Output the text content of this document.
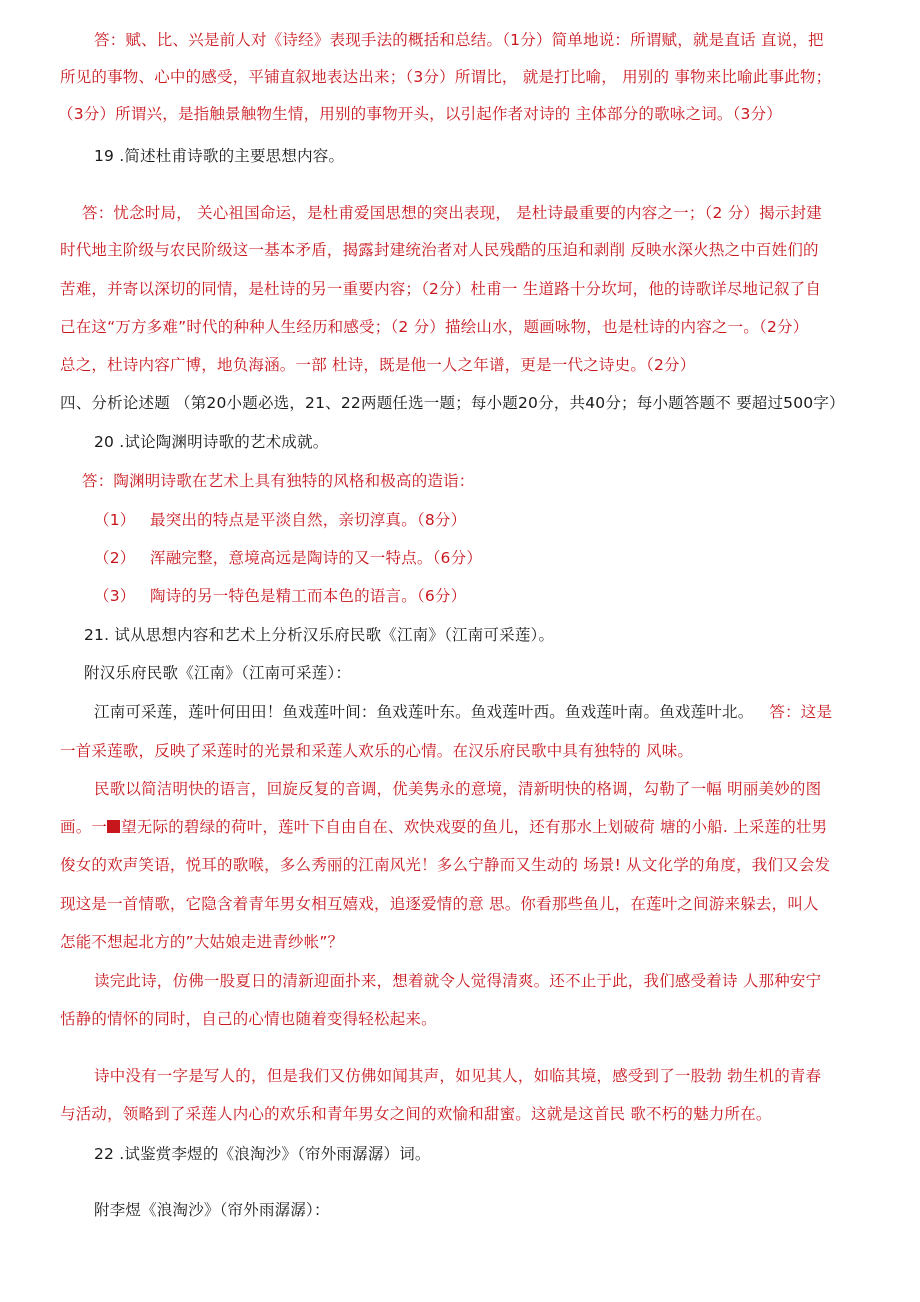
答：赋、比、兴是前人对《诗经》表现手法的概括和总结。（1分）简单地说：所谓赋，就是直话 直说，把
所见的事物、心中的感受，平铺直叙地表达出来；（3分）所谓比， 就是打比喻， 用别的 事物来比喻此事此物；
（3分）所谓兴，是指触景触物生情，用别的事物开头，以引起作者对诗的 主体部分的歌咏之词。（3分）
19 .简述杜甫诗歌的主要思想内容。
答：忧念时局， 关心祖国命运，是杜甫爱国思想的突出表现， 是杜诗最重要的内容之一；（2 分）揭示封建
时代地主阶级与农民阶级这一基本矛盾，揭露封建统治者对人民残酷的压迫和剥削 反映水深火热之中百姓们的
苦难，并寄以深切的同情，是杜诗的另一重要内容；（2分）杜甫一 生道路十分坎坷，他的诗歌详尽地记叙了自
己在这“万方多难”时代的种种人生经历和感受；（2 分）描绘山水，题画咏物，也是杜诗的内容之一。（2分）
总之，杜诗内容广博，地负海涵。一部 杜诗，既是他一人之年谱，更是一代之诗史。（2分）
四、分析论述题 （第20小题必选，21、22两题任选一题；每小题20分，共40分；每小题答题不 要超过500字）
20 .试论陶渊明诗歌的艺术成就。
答：陶渊明诗歌在艺术上具有独特的风格和极高的造诣：
（1） 最突出的特点是平淡自然，亲切淳真。（8分）
（2） 浑融完整，意境高远是陶诗的又一特点。（6分）
（3） 陶诗的另一特色是精工而本色的语言。（6分）
21. 试从思想内容和艺术上分析汉乐府民歌《江南》（江南可采莲）。
附汉乐府民歌《江南》（江南可采莲）：
江南可采莲，莲叶何田田！鱼戏莲叶间：鱼戏莲叶东。鱼戏莲叶西。鱼戏莲叶南。鱼戏莲叶北。 答：这是
一首采莲歌，反映了采莲时的光景和采莲人欢乐的心情。在汉乐府民歌中具有独特的 风味。
民歌以简洁明快的语言，回旋反复的音调，优美隽永的意境，清新明快的格调，勾勒了一幅 明丽美妙的图
画。一 望无际的碧绿的荷叶，莲叶下自由自在、欢快戏耍的鱼儿，还有那水上划破荷 塘的小船. 上采莲的壮男
俊女的欢声笑语，悦耳的歌喉，多么秀丽的江南风光！多么宁静而又生动的 场景! 从文化学的角度，我们又会发
现这是一首情歌，它隐含着青年男女相互嬉戏，追逐爱情的意 思。你看那些鱼儿，在莲叶之间游来躲去，叫人
怎能不想起北方的”大姑娘走进青纱帐”？
读完此诗，仿佛一股夏日的清新迎面扑来，想着就令人觉得清爽。还不止于此，我们感受着诗 人那种安宁
恬静的情怀的同时，自己的心情也随着变得轻松起来。
诗中没有一字是写人的，但是我们又仿佛如闻其声，如见其人，如临其境，感受到了一股勃 勃生机的青春
与活动，领略到了采莲人内心的欢乐和青年男女之间的欢愉和甜蜜。这就是这首民 歌不朽的魅力所在。
22 .试鉴赏李煜的《浪淘沙》（帘外雨潺潺）词。
附李煜《浪淘沙》（帘外雨潺潺）：
